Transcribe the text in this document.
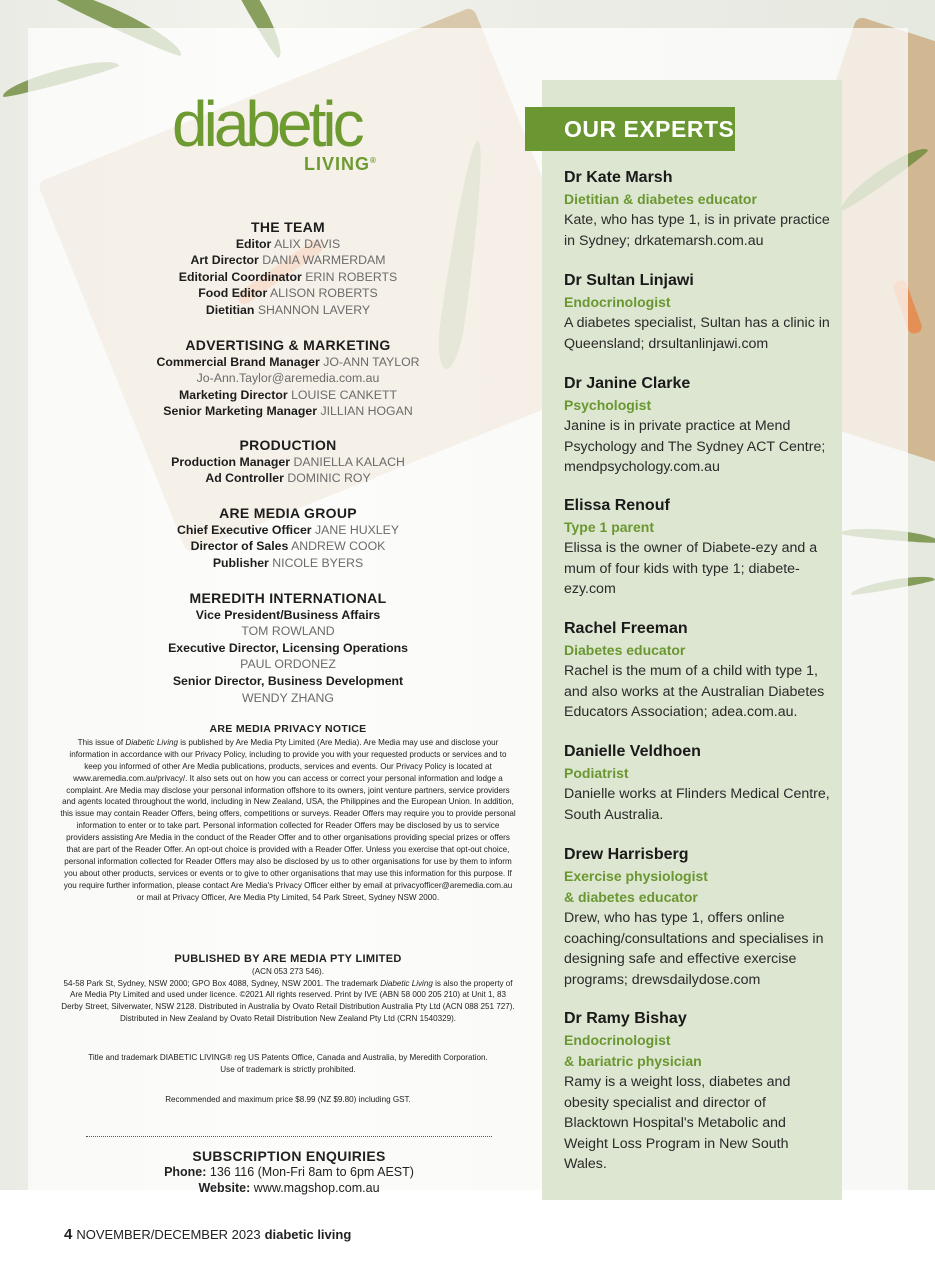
diabetic
LIVING®
THE TEAM
Editor ALIX DAVIS
Art Director DANIA WARMERDAM
Editorial Coordinator ERIN ROBERTS
Food Editor ALISON ROBERTS
Dietitian SHANNON LAVERY
ADVERTISING & MARKETING
Commercial Brand Manager JO-ANN TAYLOR
Jo-Ann.Taylor@aremedia.com.au
Marketing Director LOUISE CANKETT
Senior Marketing Manager JILLIAN HOGAN
PRODUCTION
Production Manager DANIELLA KALACH
Ad Controller DOMINIC ROY
ARE MEDIA GROUP
Chief Executive Officer JANE HUXLEY
Director of Sales ANDREW COOK
Publisher NICOLE BYERS
MEREDITH INTERNATIONAL
Vice President/Business Affairs
TOM ROWLAND
Executive Director, Licensing Operations
PAUL ORDONEZ
Senior Director, Business Development
WENDY ZHANG
ARE MEDIA PRIVACY NOTICE
This issue of Diabetic Living is published by Are Media Pty Limited (Are Media). Are Media may use and disclose your information in accordance with our Privacy Policy, including to provide you with your requested products or services and to keep you informed of other Are Media publications, products, services and events. Our Privacy Policy is located at www.aremedia.com.au/privacy/. It also sets out on how you can access or correct your personal information and lodge a complaint. Are Media may disclose your personal information offshore to its owners, joint venture partners, service providers and agents located throughout the world, including in New Zealand, USA, the Philippines and the European Union. In addition, this issue may contain Reader Offers, being offers, competitions or surveys. Reader Offers may require you to provide personal information to enter or to take part. Personal information collected for Reader Offers may be disclosed by us to service providers assisting Are Media in the conduct of the Reader Offer and to other organisations providing special prizes or offers that are part of the Reader Offer. An opt-out choice is provided with a Reader Offer. Unless you exercise that opt-out choice, personal information collected for Reader Offers may also be disclosed by us to other organisations for use by them to inform you about other products, services or events or to give to other organisations that may use this information for this purpose. If you require further information, please contact Are Media's Privacy Officer either by email at privacyofficer@aremedia.com.au or mail at Privacy Officer, Are Media Pty Limited, 54 Park Street, Sydney NSW 2000.
PUBLISHED BY ARE MEDIA PTY LIMITED
(ACN 053 273 546).
54-58 Park St, Sydney, NSW 2000; GPO Box 4088, Sydney, NSW 2001. The trademark Diabetic Living is also the property of Are Media Pty Limited and used under licence. ©2021 All rights reserved. Print by IVE (ABN 58 000 205 210) at Unit 1, 83 Derby Street, Silverwater, NSW 2128. Distributed in Australia by Ovato Retail Distribution Australia Pty Ltd (ACN 088 251 727). Distributed in New Zealand by Ovato Retail Distribution New Zealand Pty Ltd (CRN 1540329).
Title and trademark DIABETIC LIVING® reg US Patents Office, Canada and Australia, by Meredith Corporation.
Use of trademark is strictly prohibited.
Recommended and maximum price $8.99 (NZ $9.80) including GST.
SUBSCRIPTION ENQUIRIES
Phone: 136 116 (Mon-Fri 8am to 6pm AEST)
Website: www.magshop.com.au
4 NOVEMBER/DECEMBER 2023 diabetic living
OUR EXPERTS
Dr Kate Marsh
Dietitian & diabetes educator
Kate, who has type 1, is in private practice in Sydney; drkatemarsh.com.au
Dr Sultan Linjawi
Endocrinologist
A diabetes specialist, Sultan has a clinic in Queensland; drsultanlinjawi.com
Dr Janine Clarke
Psychologist
Janine is in private practice at Mend Psychology and The Sydney ACT Centre; mendpsychology.com.au
Elissa Renouf
Type 1 parent
Elissa is the owner of Diabete-ezy and a mum of four kids with type 1; diabete-ezy.com
Rachel Freeman
Diabetes educator
Rachel is the mum of a child with type 1, and also works at the Australian Diabetes Educators Association; adea.com.au.
Danielle Veldhoen
Podiatrist
Danielle works at Flinders Medical Centre, South Australia.
Drew Harrisberg
Exercise physiologist
& diabetes educator
Drew, who has type 1, offers online coaching/consultations and specialises in designing safe and effective exercise programs; drewsdailydose.com
Dr Ramy Bishay
Endocrinologist
& bariatric physician
Ramy is a weight loss, diabetes and obesity specialist and director of Blacktown Hospital's Metabolic and Weight Loss Program in New South Wales.
